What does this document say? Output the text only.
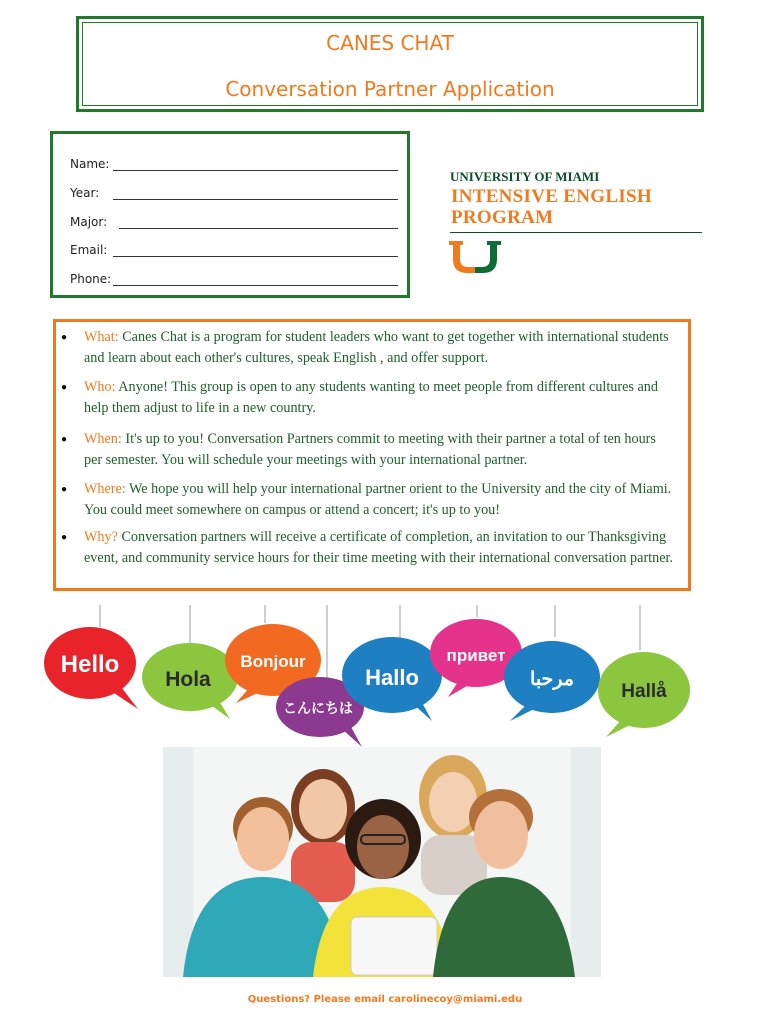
CANES CHAT
Conversation Partner Application
Name:
Year:
Major:
Email:
Phone:
UNIVERSITY OF MIAMI
INTENSIVE ENGLISH
PROGRAM
● What: Canes Chat is a program for student leaders who want to get together with international students and learn about each other's cultures, speak English , and offer support.
● Who: Anyone! This group is open to any students wanting to meet people from different cultures and help them adjust to life in a new country.
● When: It's up to you! Conversation Partners commit to meeting with their partner a total of ten hours per semester. You will schedule your meetings with your international partner.
● Where: We hope you will help your international partner orient to the University and the city of Miami. You could meet somewhere on campus or attend a concert; it's up to you!
● Why? Conversation partners will receive a certificate of completion, an invitation to our Thanksgiving event, and community service hours for their time meeting with their international conversation partner.
Hello
Hola
Bonjour
こんにちは
Hallo
привет
مرحبا
Hallå
Questions? Please email carolinecoy@miami.edu
